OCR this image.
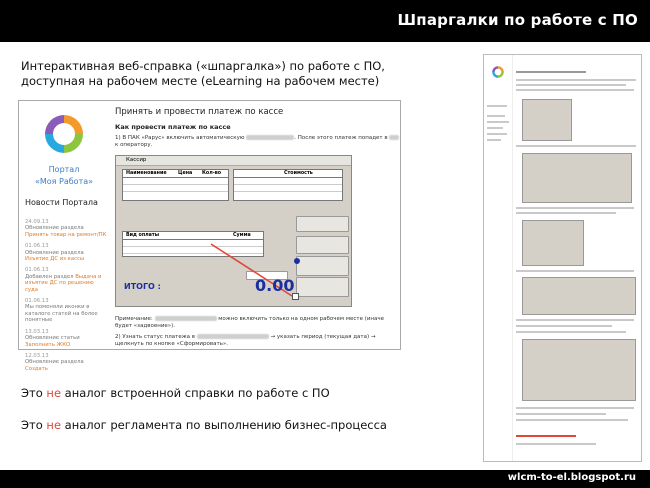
Шпаргалки по работе с ПО
Интерактивная веб-справка («шпаргалка») по работе с ПО,
доступная на рабочем месте (eLearning на рабочем месте)
Портал
«Моя Работа»
Новости Портала
24.09.13
Обновление раздела Принять товар на ремонт/ПК
01.06.13
Обновление раздела Изъятие ДС из кассы
01.06.13
Добавлен раздел Выдача и изъятие ДС по решению суда
01.06.13
Мы поменяли иконки в каталоге статей на более понятные
13.03.13
Обновление статьи Заполнить ЖКО
12.03.13
Обновление раздела Создать
Принять и провести платеж по кассе
Как провести платеж по кассе
1) В ПАК «Рарус» включить автоматическую	. После этого платеж попадет в  к оператору.
Примечание:	можно включить только на одном рабочем месте (иначе будет «задвоение»).
2) Узнать статус платежа в	→ указать период (текущая дата) → щелкнуть по кнопке «Сформировать».
Кассир
Наименование Цена Кол-во	Стоимость
Вид оплаты	Сумма
ИТОГО :	0.00
Это не аналог встроенной справки по работе с ПО
Это не аналог регламента по выполнению бизнес-процесса
wlcm-to-el.blogspot.ru
